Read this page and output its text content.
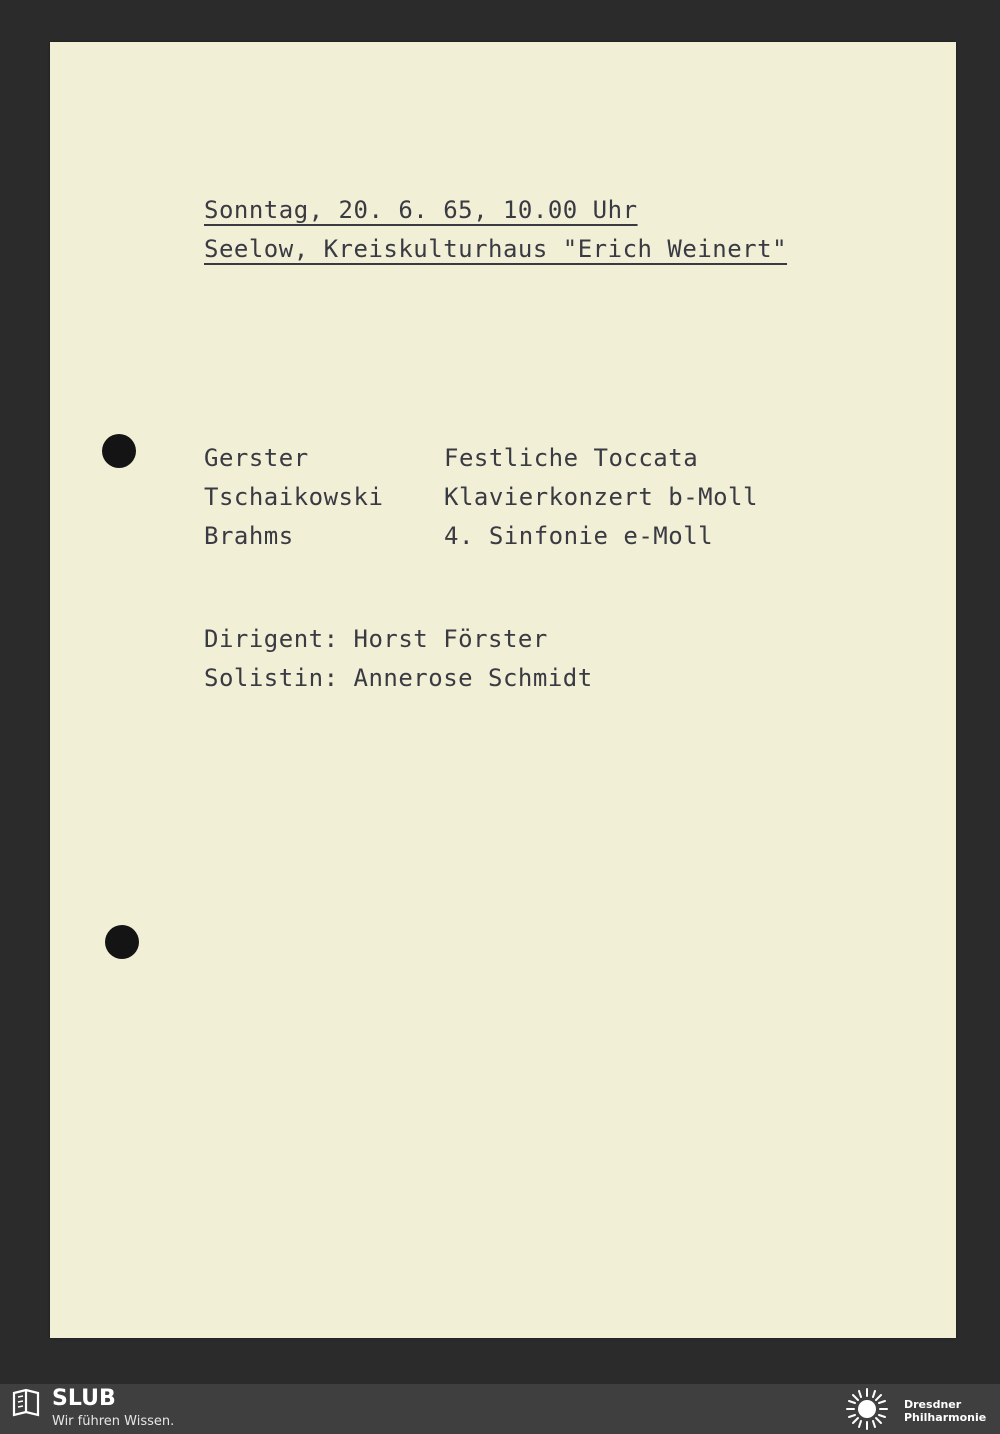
Sonntag, 20. 6. 65, 10.00 Uhr
Seelow, Kreiskulturhaus "Erich Weinert"
Gerster	Festliche Toccata
Tschaikowski	Klavierkonzert b-Moll
Brahms	4. Sinfonie e-Moll
Dirigent: Horst Förster
Solistin: Annerose Schmidt
SLUB
Wir führen Wissen.
Dresdner
Philharmonie
